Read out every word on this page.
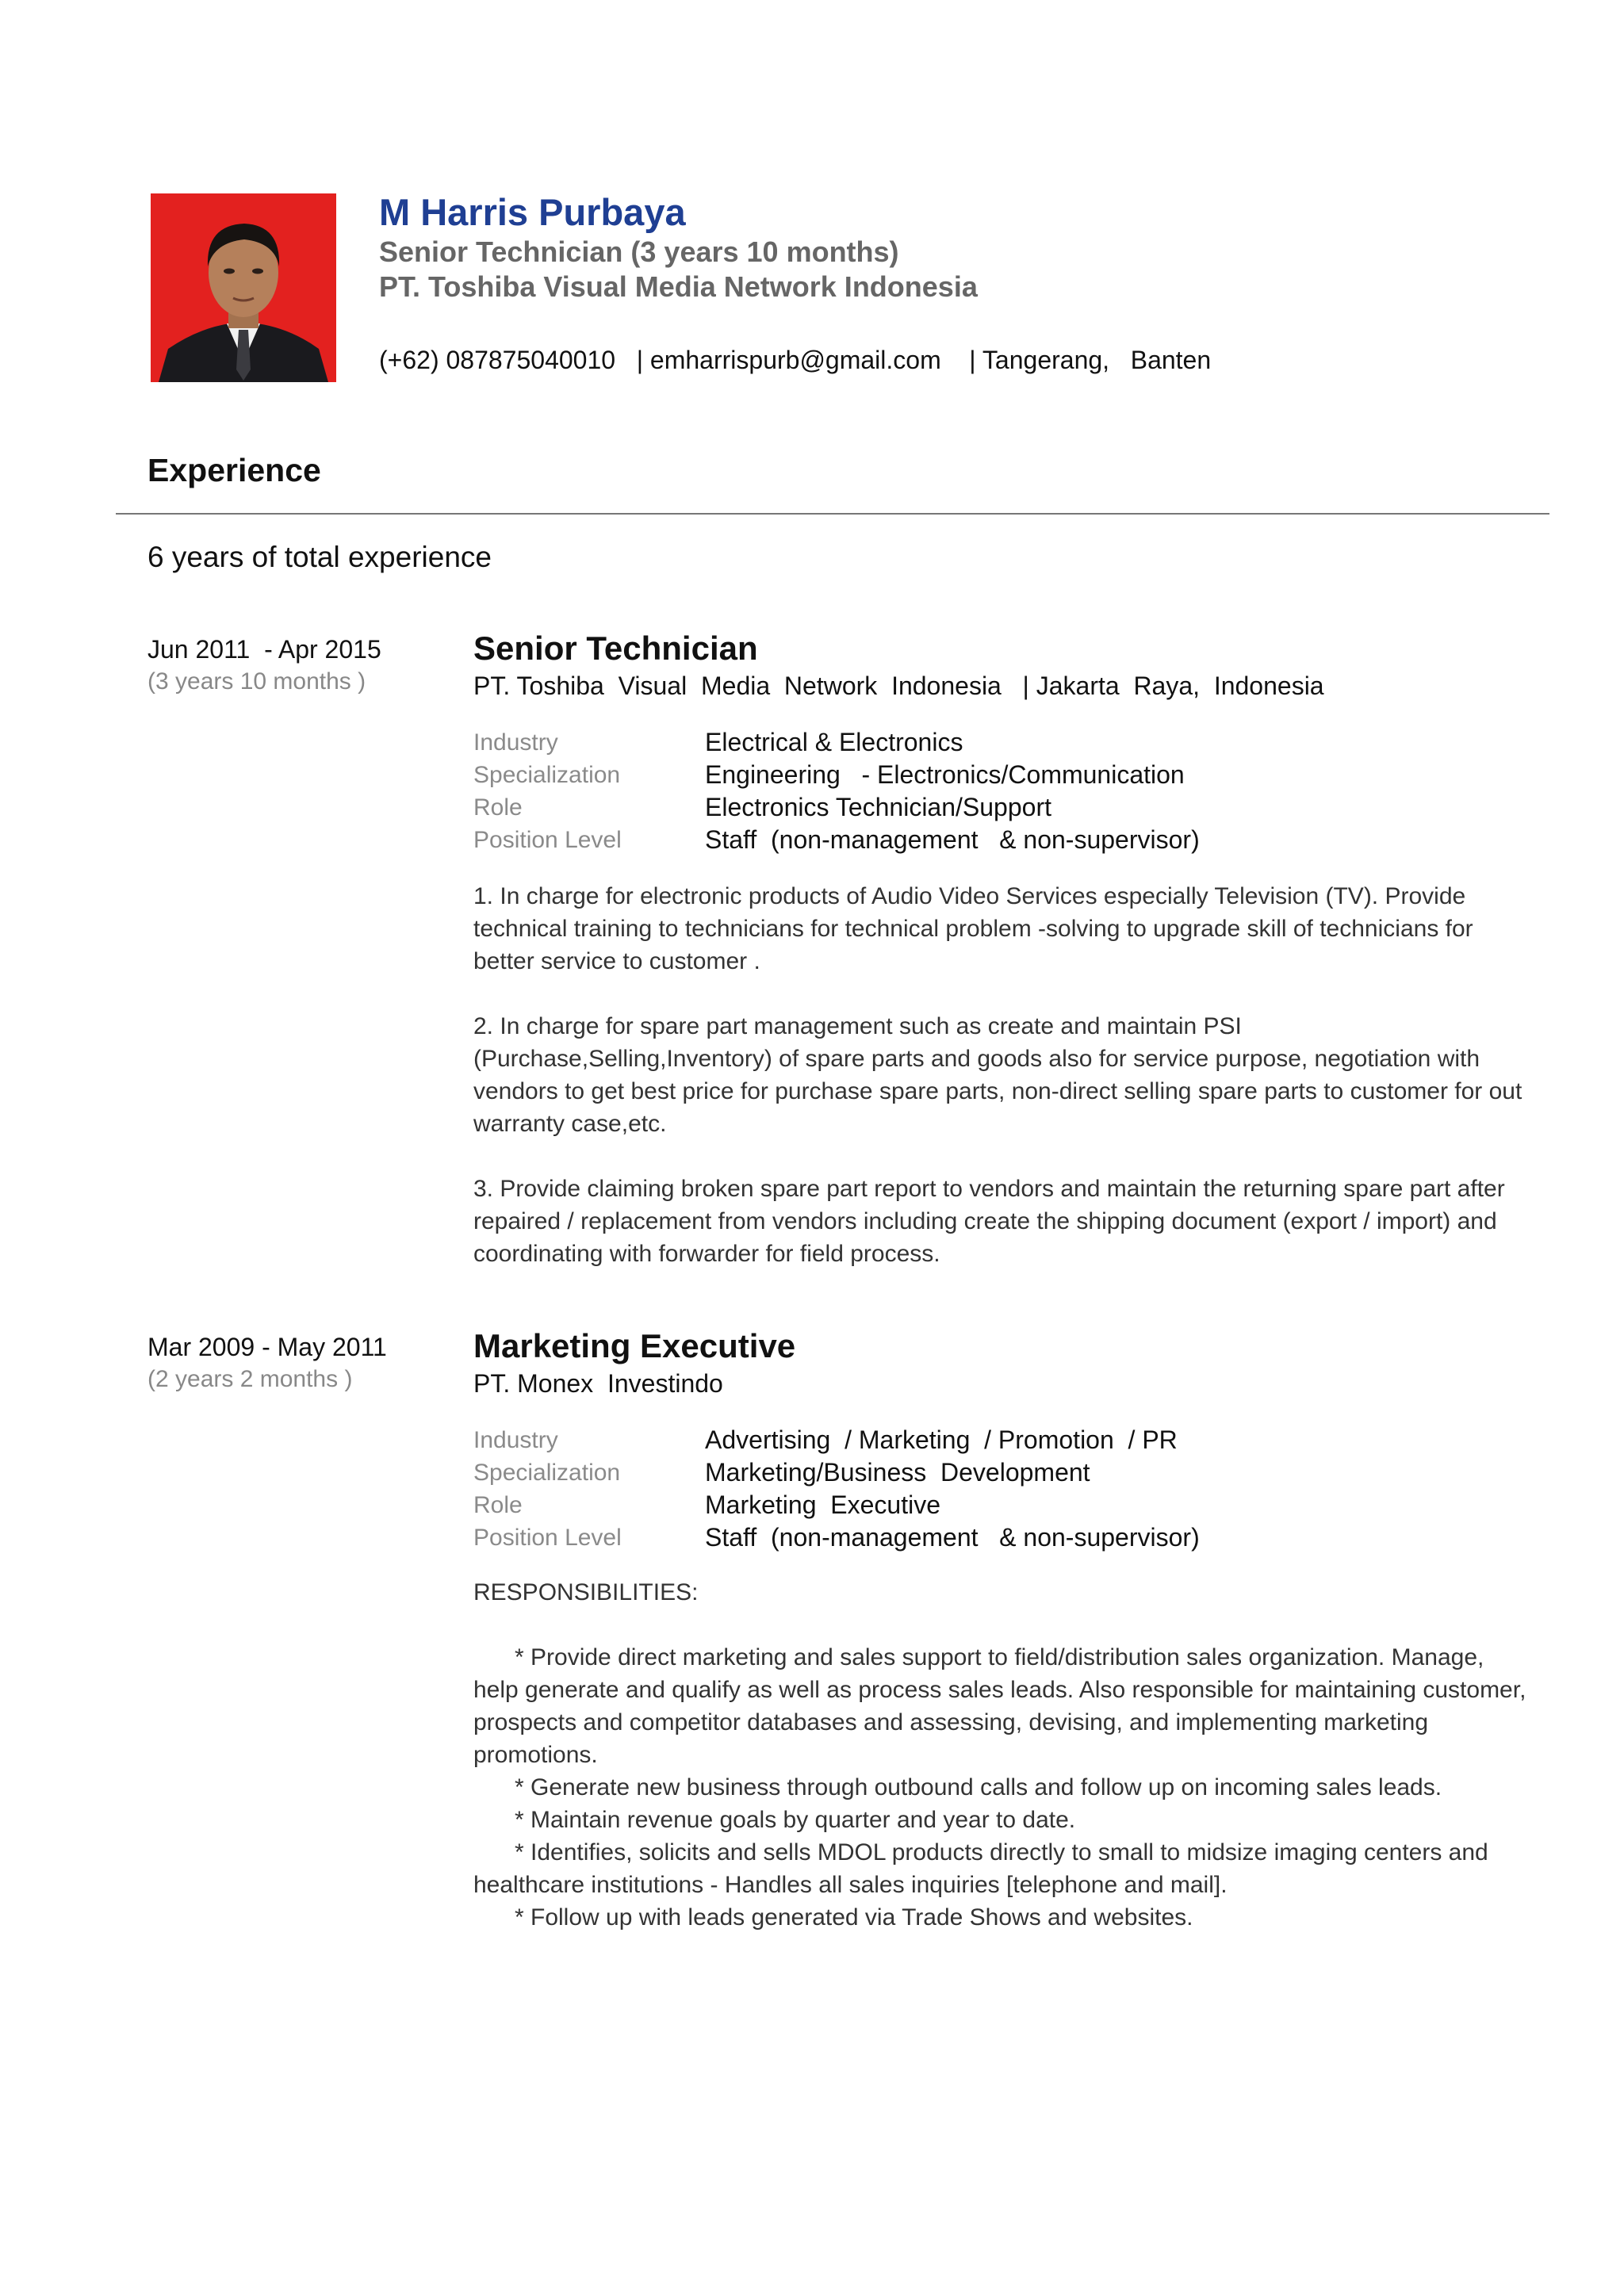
M Harris Purbaya
Senior Technician (3 years 10 months)
PT. Toshiba Visual Media Network Indonesia
(+62) 087875040010   | emharrispurb@gmail.com    | Tangerang,   Banten
Experience
6 years of total experience
Jun 2011  - Apr 2015
(3 years 10 months )
Senior Technician
PT. Toshiba  Visual  Media  Network  Indonesia   | Jakarta  Raya,  Indonesia
Industry	Electrical & Electronics
Specialization	Engineering   - Electronics/Communication
Role	Electronics Technician/Support
Position Level	Staff  (non-management   & non-supervisor)

1. In charge for electronic products of Audio Video Services especially Television (TV). Provide technical training to technicians for technical problem -solving to upgrade skill of technicians for better service to customer .

2. In charge for spare part management such as create and maintain PSI (Purchase,Selling,Inventory) of spare parts and goods also for service purpose, negotiation with vendors to get best price for purchase spare parts, non-direct selling spare parts to customer for out warranty case,etc.

3. Provide claiming broken spare part report to vendors and maintain the returning spare part after repaired / replacement from vendors including create the shipping document (export / import) and coordinating with forwarder for field process.

Mar 2009 - May 2011
(2 years 2 months )
Marketing Executive
PT. Monex  Investindo
Industry	Advertising  / Marketing  / Promotion  / PR
Specialization	Marketing/Business  Development
Role	Marketing  Executive
Position Level	Staff  (non-management   & non-supervisor)
RESPONSIBILITIES:
* Provide direct marketing and sales support to field/distribution sales organization. Manage, help generate and qualify as well as process sales leads. Also responsible for maintaining customer, prospects and competitor databases and assessing, devising, and implementing marketing promotions.
* Generate new business through outbound calls and follow up on incoming sales leads.
* Maintain revenue goals by quarter and year to date.
* Identifies, solicits and sells MDOL products directly to small to midsize imaging centers and healthcare institutions - Handles all sales inquiries [telephone and mail].
* Follow up with leads generated via Trade Shows and websites.
